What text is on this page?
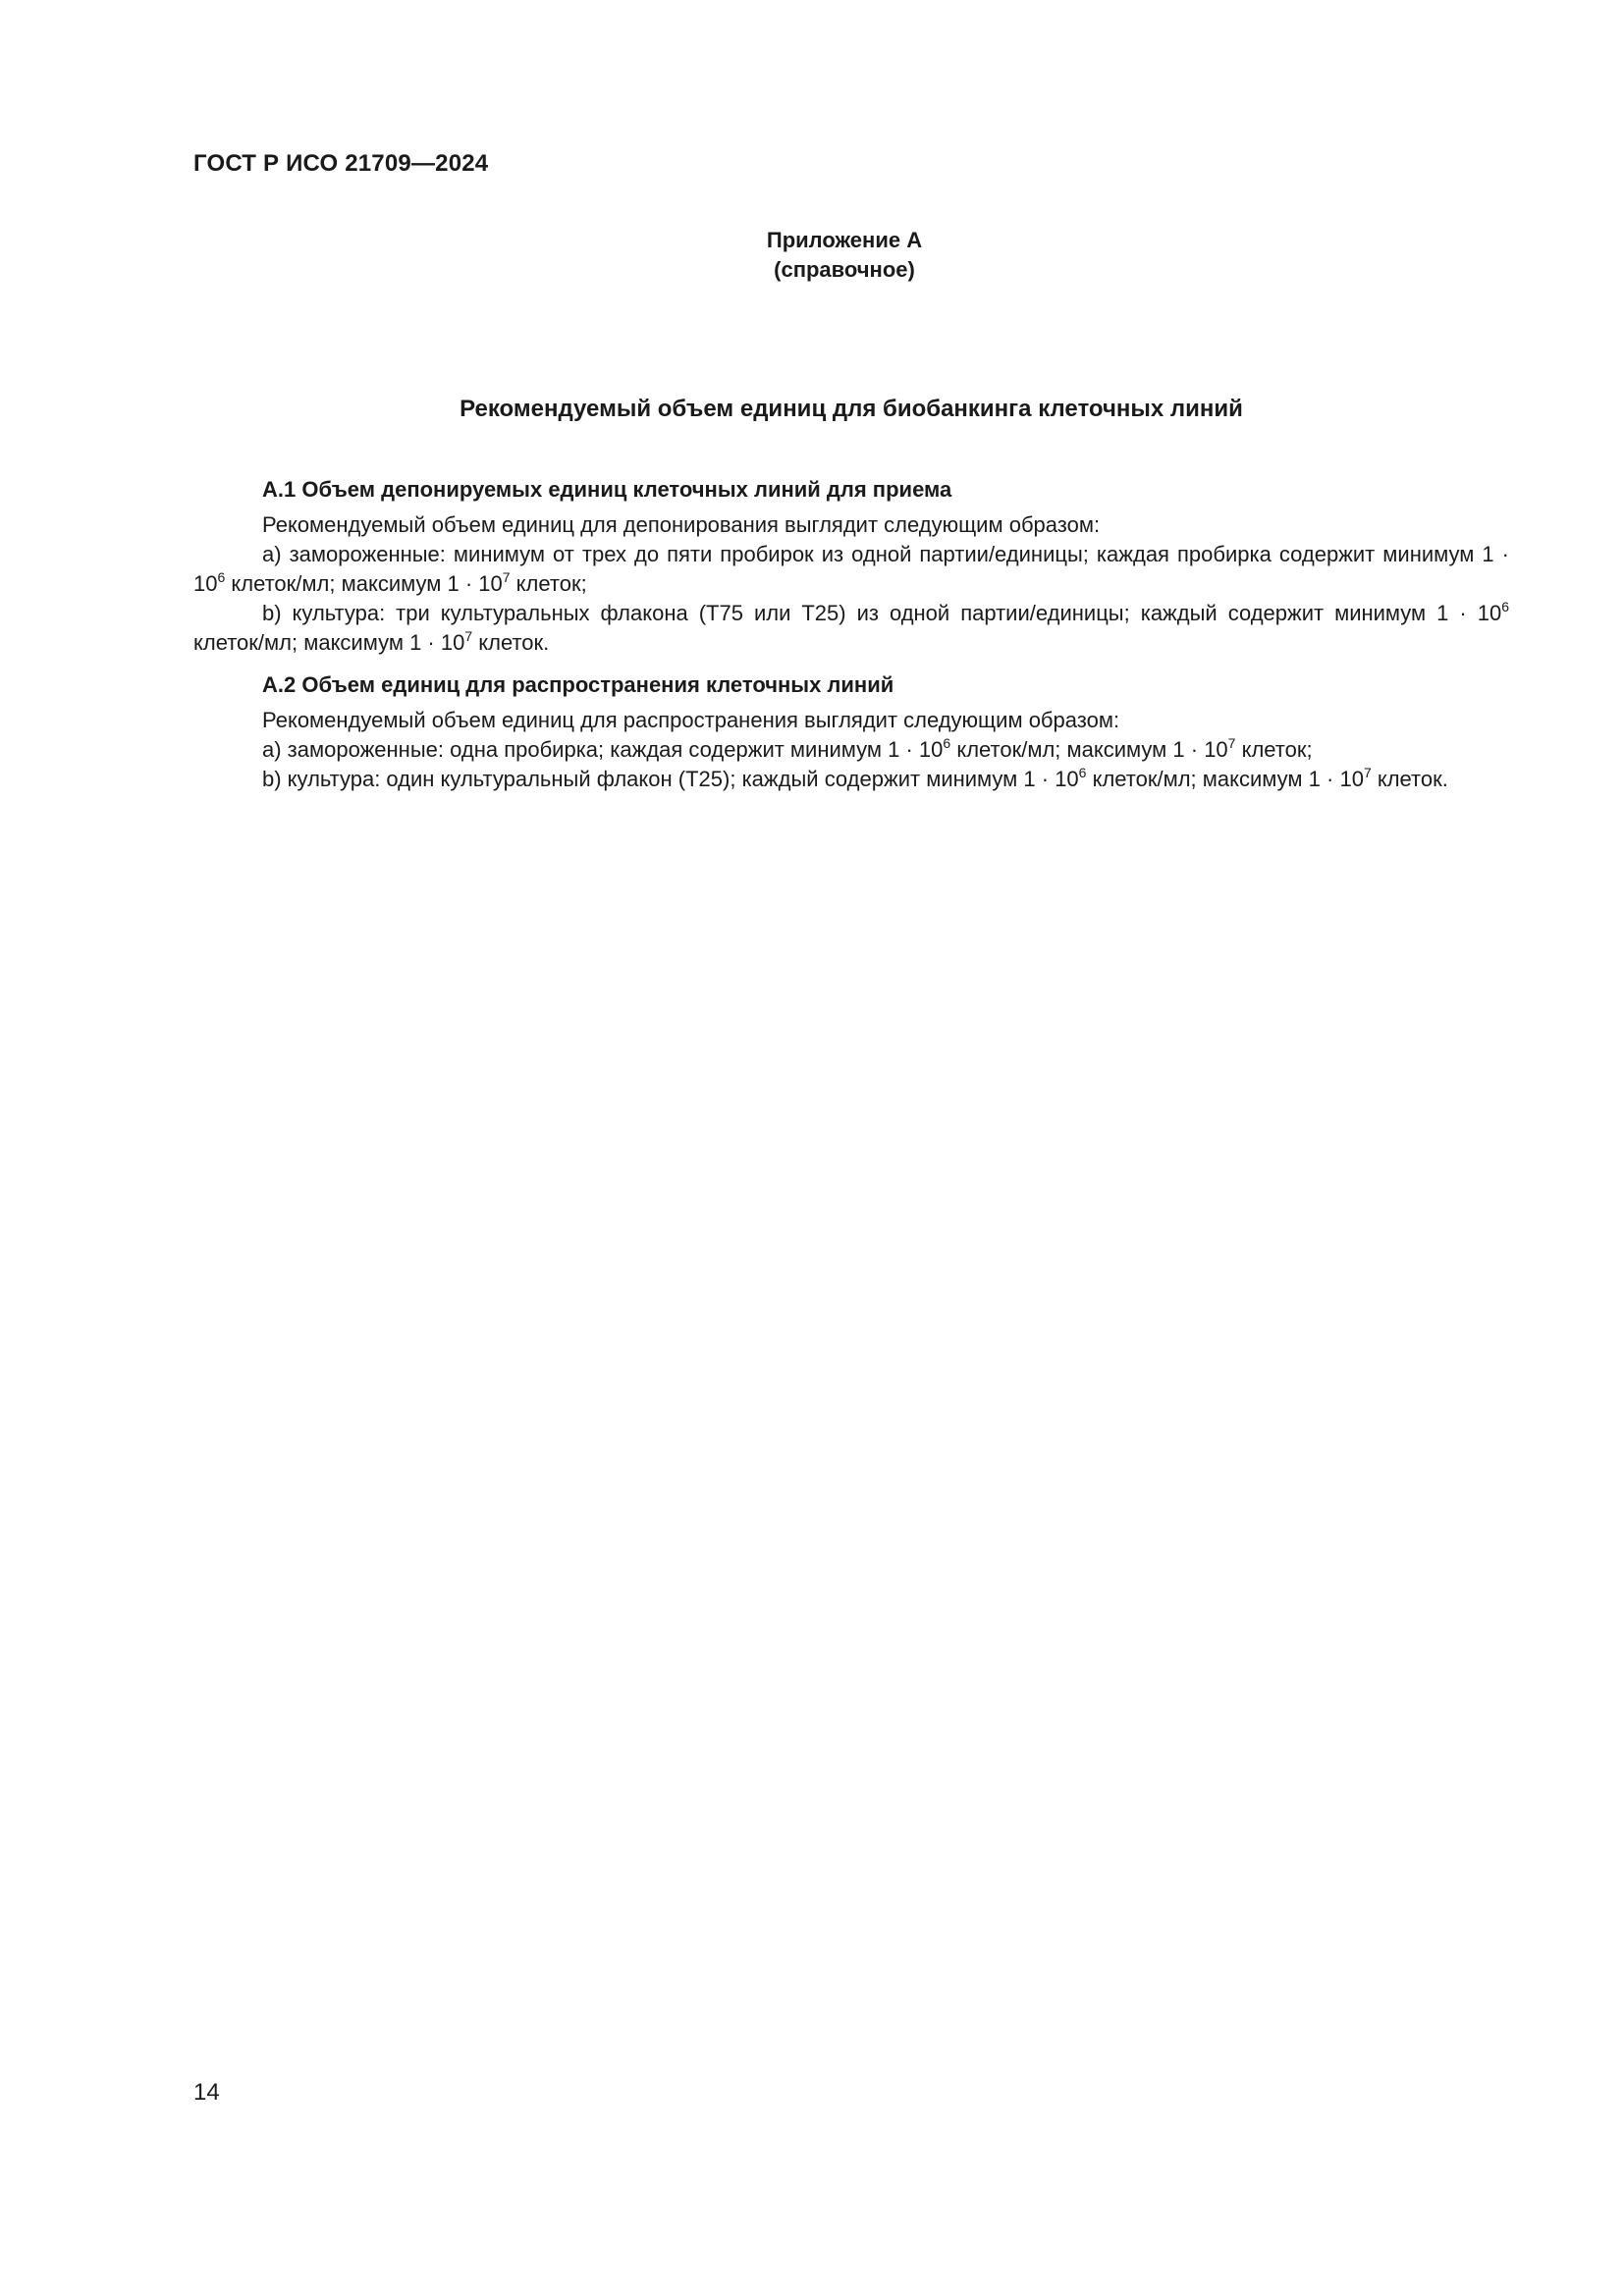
ГОСТ Р ИСО 21709—2024
Приложение А
(справочное)
Рекомендуемый объем единиц для биобанкинга клеточных линий

А.1 Объем депонируемых единиц клеточных линий для приема

Рекомендуемый объем единиц для депонирования выглядит следующим образом:

a) замороженные: минимум от трех до пяти пробирок из одной партии/единицы; каждая пробирка содержит минимум $1 \cdot 10^6$ клеток/мл; максимум $1 \cdot 10^7$ клеток;

b) культура: три культуральных флакона (Т75 или Т25) из одной партии/единицы; каждый содержит минимум $1 \cdot 10^6$ клеток/мл; максимум $1 \cdot 10^7$ клеток.

А.2 Объем единиц для распространения клеточных линий

Рекомендуемый объем единиц для распространения выглядит следующим образом:

a) замороженные: одна пробирка; каждая содержит минимум $1 \cdot 10^6$ клеток/мл; максимум $1 \cdot 10^7$ клеток;

b) культура: один культуральный флакон (Т25); каждый содержит минимум $1 \cdot 10^6$ клеток/мл; максимум $1 \cdot 10^7$ клеток.

14
